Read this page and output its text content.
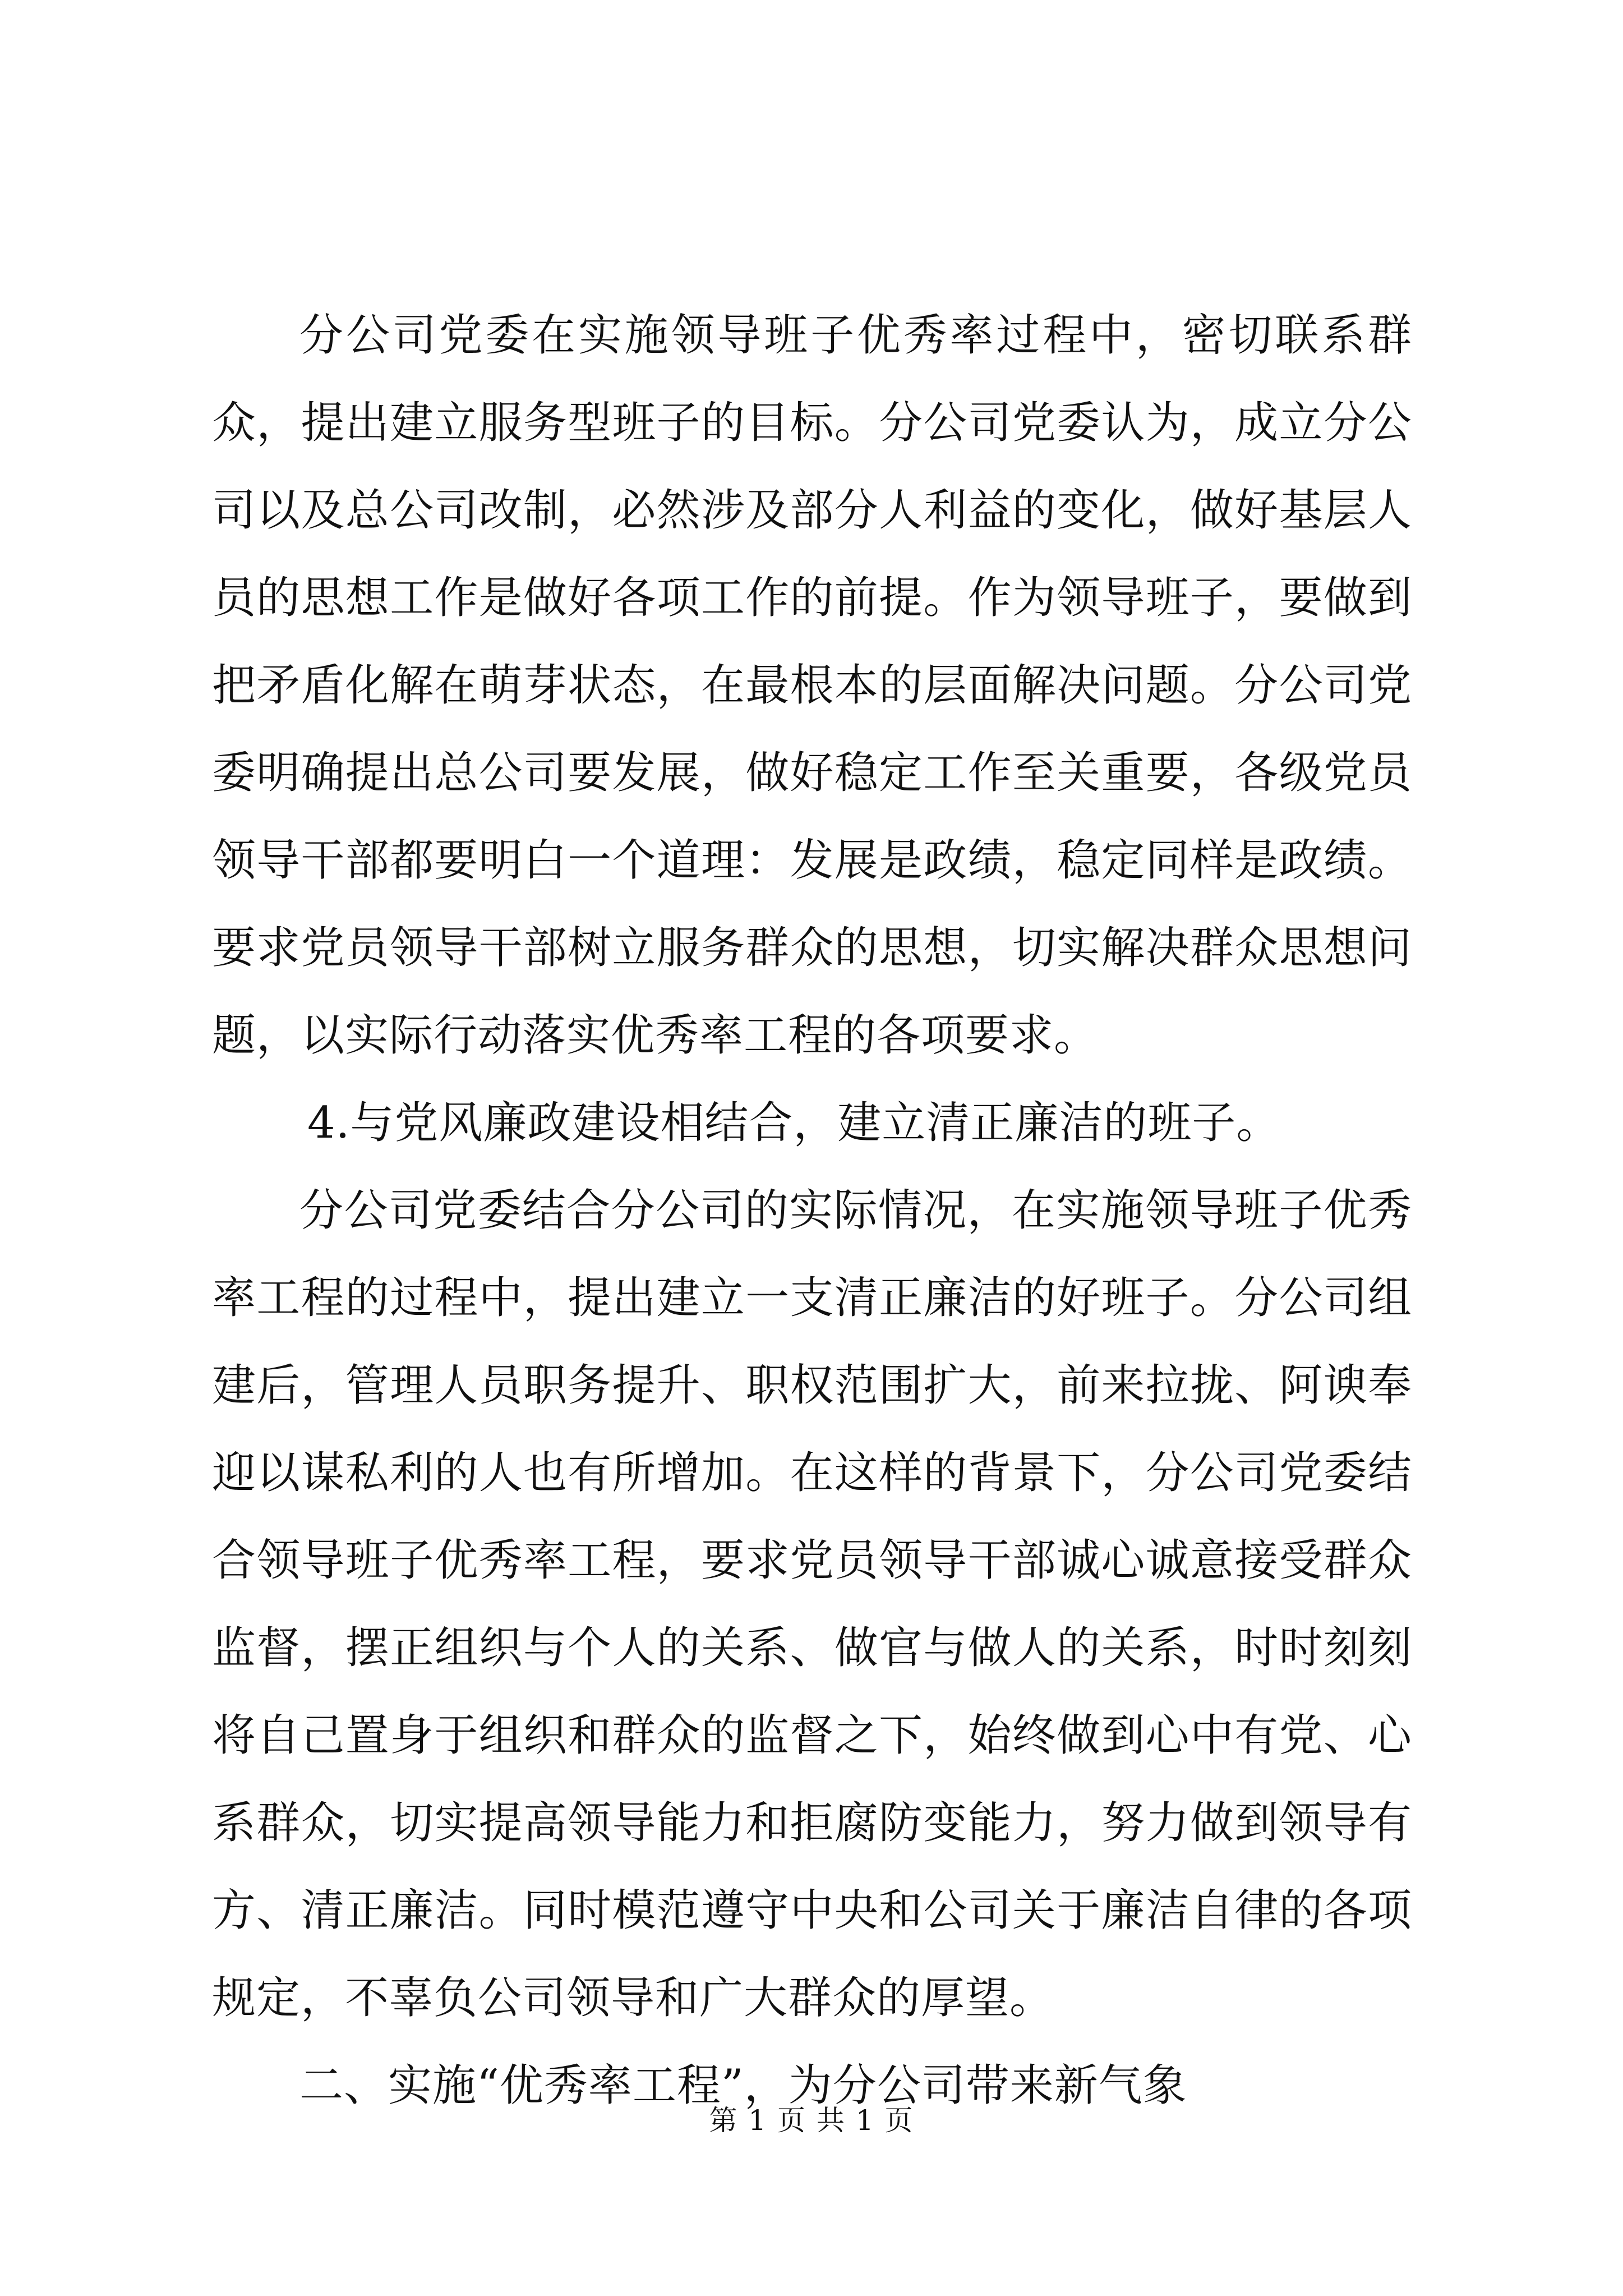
分公司党委在实施领导班子优秀率过程中，密切联系群众，提出建立服务型班子的目标。分公司党委认为，成立分公司以及总公司改制，必然涉及部分人利益的变化，做好基层人员的思想工作是做好各项工作的前提。作为领导班子，要做到把矛盾化解在萌芽状态，在最根本的层面解决问题。分公司党委明确提出总公司要发展，做好稳定工作至关重要，各级党员领导干部都要明白一个道理：发展是政绩，稳定同样是政绩。要求党员领导干部树立服务群众的思想，切实解决群众思想问题，以实际行动落实优秀率工程的各项要求。

4.与党风廉政建设相结合，建立清正廉洁的班子。

分公司党委结合分公司的实际情况，在实施领导班子优秀率工程的过程中，提出建立一支清正廉洁的好班子。分公司组建后，管理人员职务提升、职权范围扩大，前来拉拢、阿谀奉迎以谋私利的人也有所增加。在这样的背景下，分公司党委结合领导班子优秀率工程，要求党员领导干部诚心诚意接受群众监督，摆正组织与个人的关系、做官与做人的关系，时时刻刻将自己置身于组织和群众的监督之下，始终做到心中有党、心系群众，切实提高领导能力和拒腐防变能力，努力做到领导有方、清正廉洁。同时模范遵守中央和公司关于廉洁自律的各项规定，不辜负公司领导和广大群众的厚望。

二、实施“优秀率工程”，为分公司带来新气象

第 1 页 共 1 页
